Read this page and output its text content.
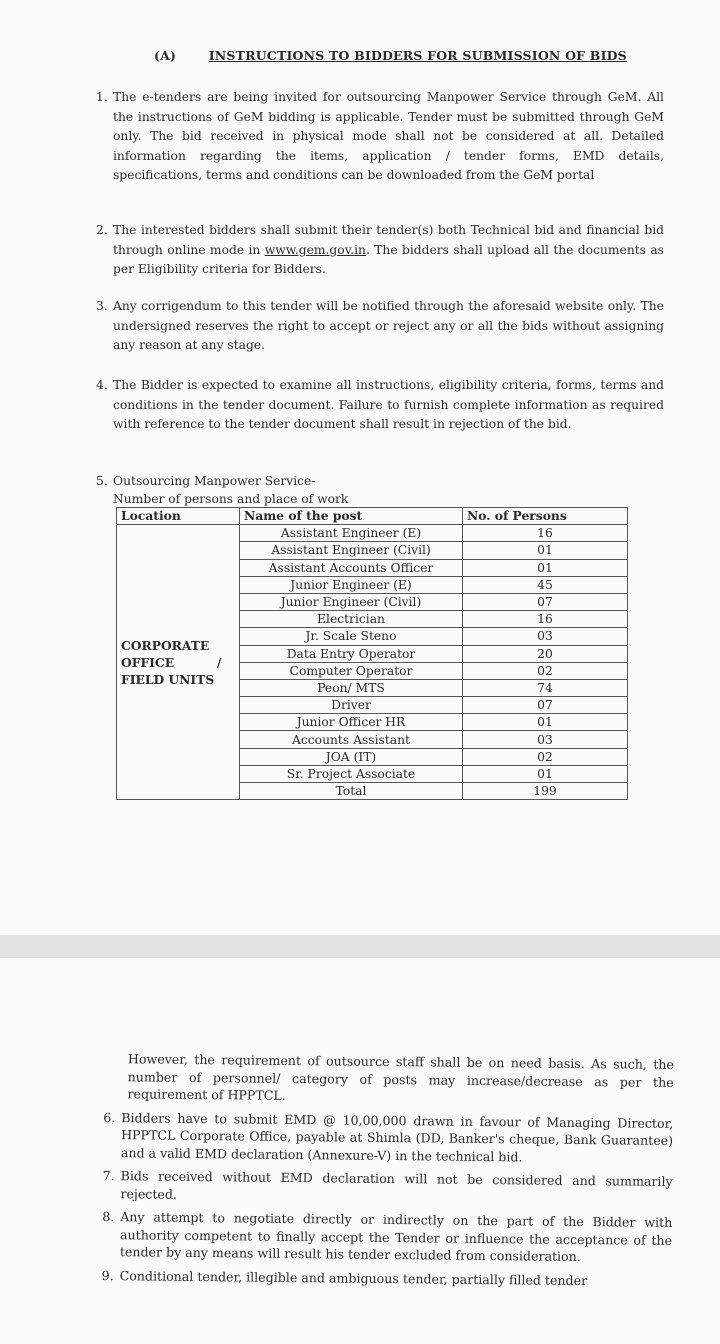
(A)	INSTRUCTIONS TO BIDDERS FOR SUBMISSION OF BIDS
1. The e-tenders are being invited for outsourcing Manpower Service through GeM. All the instructions of GeM bidding is applicable. Tender must be submitted through GeM only. The bid received in physical mode shall not be considered at all. Detailed information regarding the items, application / tender forms, EMD details, specifications, terms and conditions can be downloaded from the GeM portal
2. The interested bidders shall submit their tender(s) both Technical bid and financial bid through online mode in www.gem.gov.in. The bidders shall upload all the documents as per Eligibility criteria for Bidders.
3. Any corrigendum to this tender will be notified through the aforesaid website only. The undersigned reserves the right to accept or reject any or all the bids without assigning any reason at any stage.
4. The Bidder is expected to examine all instructions, eligibility criteria, forms, terms and conditions in the tender document. Failure to furnish complete information as required with reference to the tender document shall result in rejection of the bid.
5. Outsourcing Manpower Service-
Number of persons and place of work
Location	Name of the post	No. of Persons

CORPORATE
OFFICE          /
FIELD UNITS	Assistant Engineer (E)	16
	Assistant Engineer (Civil)	01
	Assistant Accounts Officer	01
	Junior Engineer (E)	45
	Junior Engineer (Civil)	07
	Electrician	16
	Jr. Scale Steno	03
	Data Entry Operator	20
	Computer Operator	02
	Peon/ MTS	74
	Driver	07
	Junior Officer HR	01
	Accounts Assistant	03
	JOA (IT)	02
	Sr. Project Associate	01
	Total	199
However, the requirement of outsource staff shall be on need basis. As such, the number of personnel/ category of posts may increase/decrease as per the requirement of HPPTCL.
6. Bidders have to submit EMD @ 10,00,000 drawn in favour of Managing Director, HPPTCL Corporate Office, payable at Shimla (DD, Banker's cheque, Bank Guarantee) and a valid EMD declaration (Annexure-V) in the technical bid.
7. Bids received without EMD declaration will not be considered and summarily rejected.
8. Any attempt to negotiate directly or indirectly on the part of the Bidder with authority competent to finally accept the Tender or influence the acceptance of the tender by any means will result his tender excluded from consideration.
9. Conditional tender, illegible and ambiguous tender, partially filled tender
